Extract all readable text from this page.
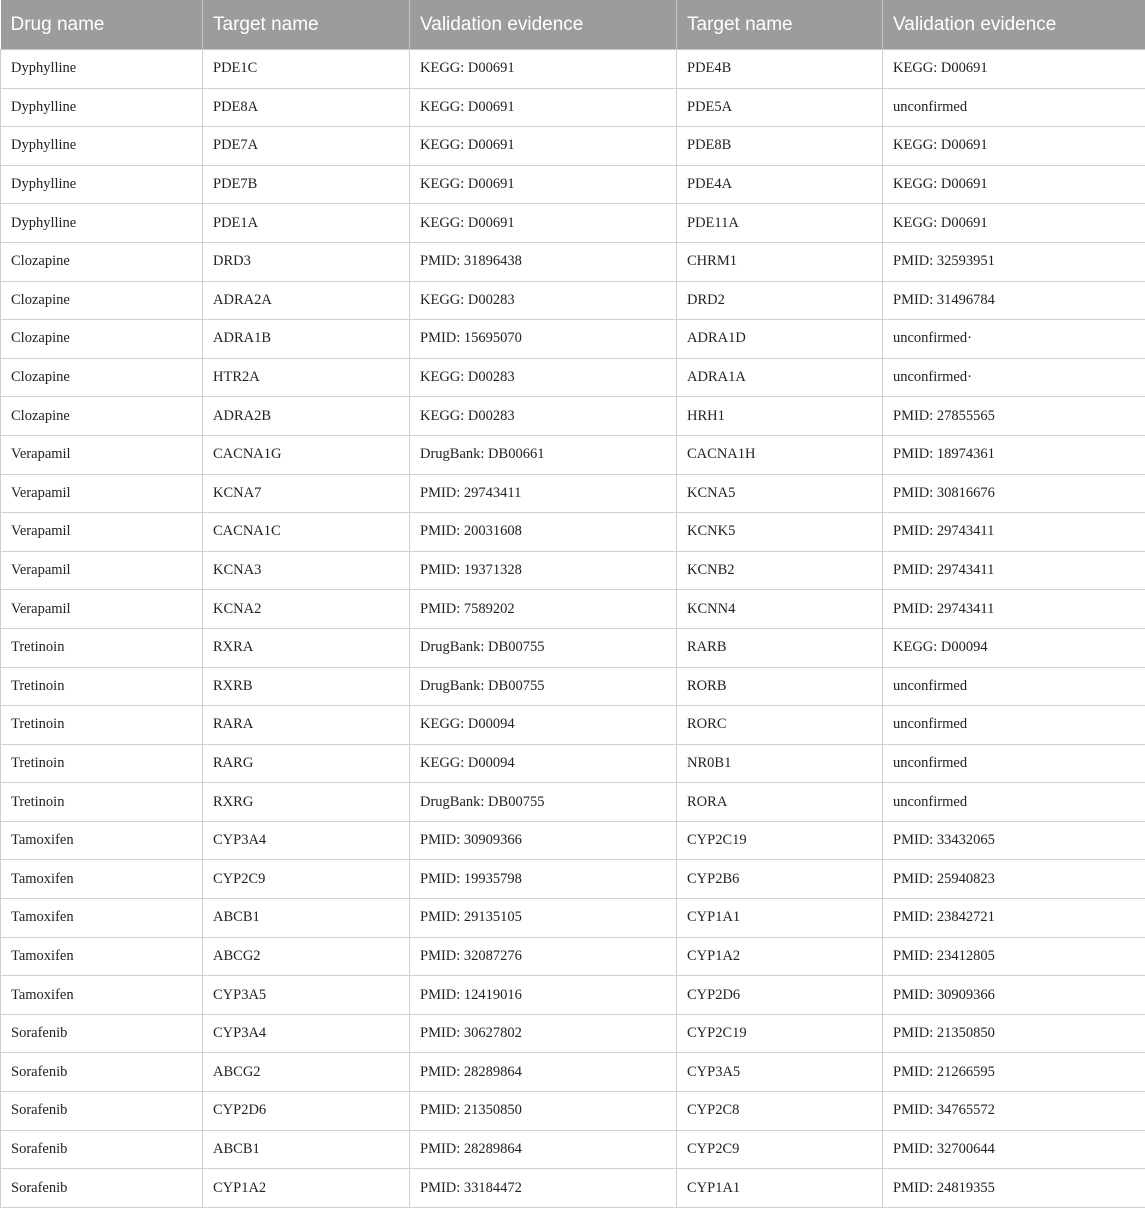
Drug name	Target name	Validation evidence	Target name	Validation evidence
Dyphylline	PDE1C	KEGG: D00691	PDE4B	KEGG: D00691
Dyphylline	PDE8A	KEGG: D00691	PDE5A	unconfirmed
Dyphylline	PDE7A	KEGG: D00691	PDE8B	KEGG: D00691
Dyphylline	PDE7B	KEGG: D00691	PDE4A	KEGG: D00691
Dyphylline	PDE1A	KEGG: D00691	PDE11A	KEGG: D00691
Clozapine	DRD3	PMID: 31896438	CHRM1	PMID: 32593951
Clozapine	ADRA2A	KEGG: D00283	DRD2	PMID: 31496784
Clozapine	ADRA1B	PMID: 15695070	ADRA1D	unconfirmed·
Clozapine	HTR2A	KEGG: D00283	ADRA1A	unconfirmed·
Clozapine	ADRA2B	KEGG: D00283	HRH1	PMID: 27855565
Verapamil	CACNA1G	DrugBank: DB00661	CACNA1H	PMID: 18974361
Verapamil	KCNA7	PMID: 29743411	KCNA5	PMID: 30816676
Verapamil	CACNA1C	PMID: 20031608	KCNK5	PMID: 29743411
Verapamil	KCNA3	PMID: 19371328	KCNB2	PMID: 29743411
Verapamil	KCNA2	PMID: 7589202	KCNN4	PMID: 29743411
Tretinoin	RXRA	DrugBank: DB00755	RARB	KEGG: D00094
Tretinoin	RXRB	DrugBank: DB00755	RORB	unconfirmed
Tretinoin	RARA	KEGG: D00094	RORC	unconfirmed
Tretinoin	RARG	KEGG: D00094	NR0B1	unconfirmed
Tretinoin	RXRG	DrugBank: DB00755	RORA	unconfirmed
Tamoxifen	CYP3A4	PMID: 30909366	CYP2C19	PMID: 33432065
Tamoxifen	CYP2C9	PMID: 19935798	CYP2B6	PMID: 25940823
Tamoxifen	ABCB1	PMID: 29135105	CYP1A1	PMID: 23842721
Tamoxifen	ABCG2	PMID: 32087276	CYP1A2	PMID: 23412805
Tamoxifen	CYP3A5	PMID: 12419016	CYP2D6	PMID: 30909366
Sorafenib	CYP3A4	PMID: 30627802	CYP2C19	PMID: 21350850
Sorafenib	ABCG2	PMID: 28289864	CYP3A5	PMID: 21266595
Sorafenib	CYP2D6	PMID: 21350850	CYP2C8	PMID: 34765572
Sorafenib	ABCB1	PMID: 28289864	CYP2C9	PMID: 32700644
Sorafenib	CYP1A2	PMID: 33184472	CYP1A1	PMID: 24819355
